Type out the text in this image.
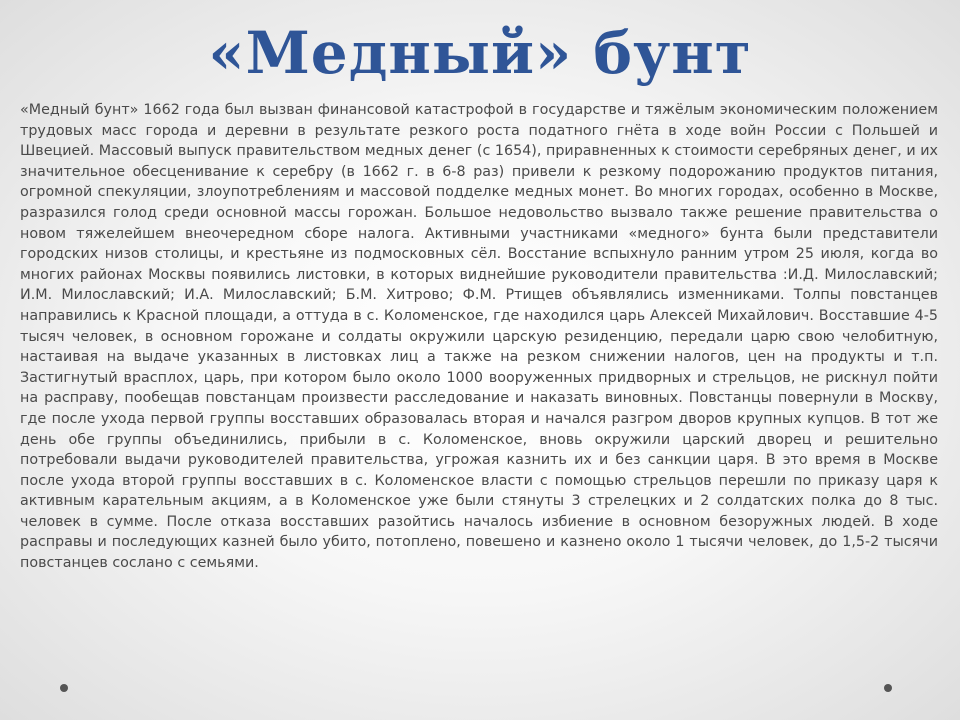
«Медный» бунт

«Медный бунт» 1662 года был вызван финансовой катастрофой в государстве и тяжёлым экономическим положением трудовых масс города и деревни в результате резкого роста податного гнёта в ходе войн России с Польшей и Швецией. Массовый выпуск правительством медных денег (с 1654), приравненных к стоимости серебряных денег, и их значительное обесценивание к серебру (в 1662 г. в 6-8 раз) привели к резкому подорожанию продуктов питания, огромной спекуляции, злоупотреблениям и массовой подделке медных монет. Во многих городах, особенно в Москве, разразился голод среди основной массы горожан. Большое недовольство вызвало также решение правительства о новом тяжелейшем внеочередном сборе налога. Активными участниками «медного» бунта были представители городских низов столицы, и крестьяне из подмосковных сёл. Восстание вспыхнуло ранним утром 25 июля, когда во многих районах Москвы появились листовки, в которых виднейшие руководители правительства :И.Д. Милославский; И.М. Милославский; И.А. Милославский; Б.М. Хитрово; Ф.М. Ртищев объявлялись изменниками. Толпы повстанцев направились к Красной площади, а оттуда в с. Коломенское, где находился царь Алексей Михайлович. Восставшие 4-5 тысяч человек, в основном горожане и солдаты окружили царскую резиденцию, передали царю свою челобитную, настаивая на выдаче указанных в листовках лиц а также на резком снижении налогов, цен на продукты и т.п. Застигнутый врасплох, царь, при котором было около 1000 вооруженных придворных и стрельцов, не рискнул пойти на расправу, пообещав повстанцам произвести расследование и наказать виновных. Повстанцы повернули в Москву, где после ухода первой группы восставших образовалась вторая и начался разгром дворов крупных купцов. В тот же день обе группы объединились, прибыли в с. Коломенское, вновь окружили царский дворец и решительно потребовали выдачи руководителей правительства, угрожая казнить их и без санкции царя. В это время в Москве после ухода второй группы восставших в с. Коломенское власти с помощью стрельцов перешли по приказу царя к активным карательным акциям, а в Коломенское уже были стянуты 3 стрелецких и 2 солдатских полка до 8 тыс. человек в сумме. После отказа восставших разойтись началось избиение в основном безоружных людей. В ходе расправы и последующих казней было убито, потоплено, повешено и казнено около 1 тысячи человек, до 1,5-2 тысячи повстанцев сослано с семьями.
